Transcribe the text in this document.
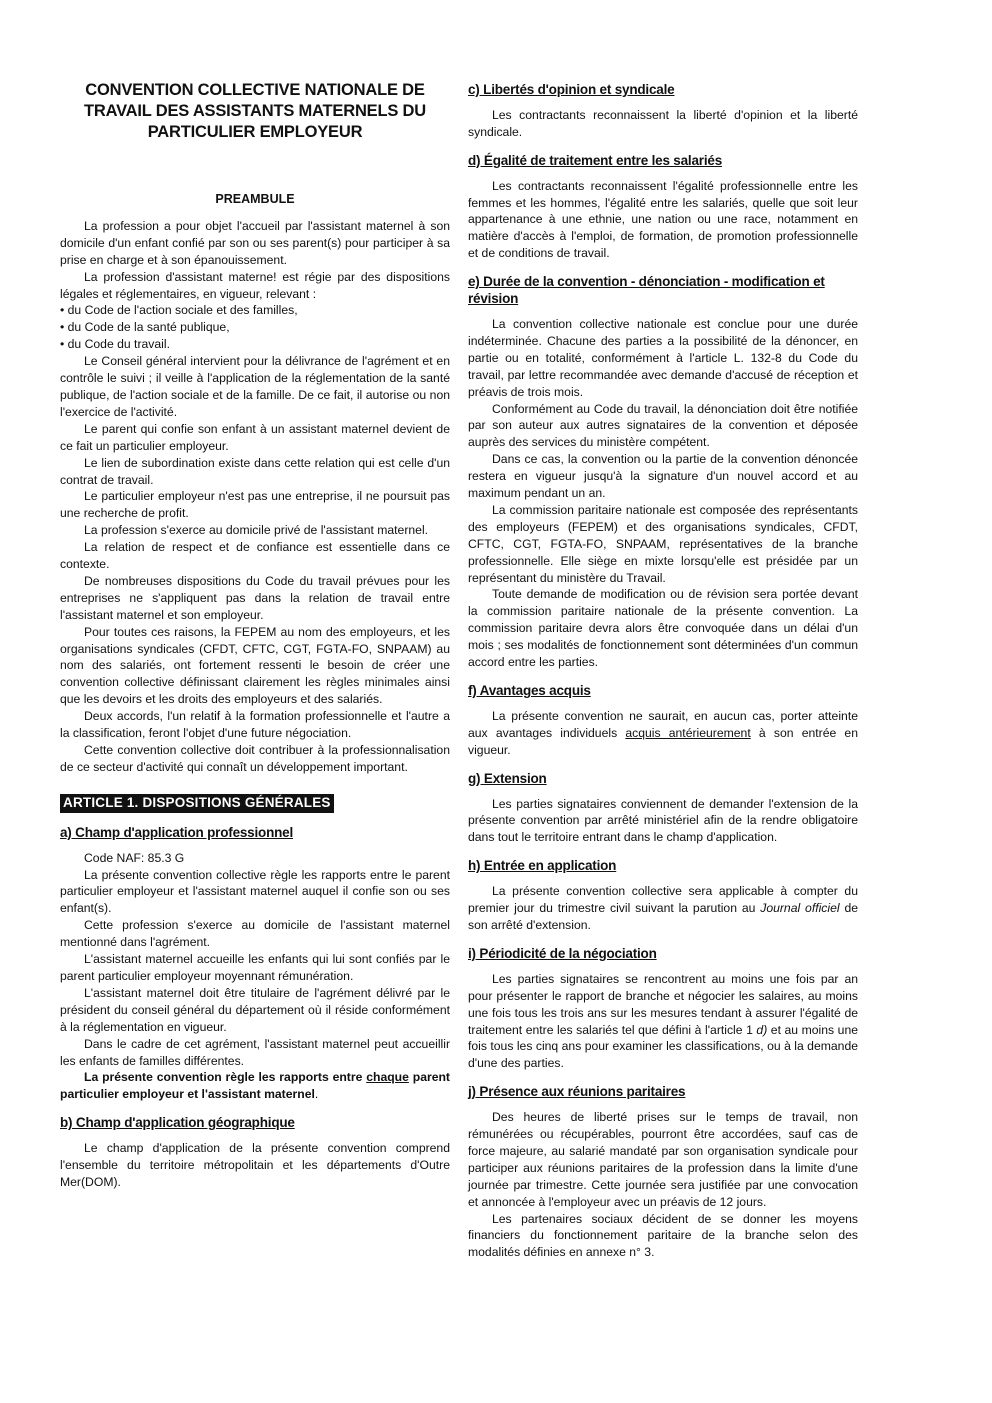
CONVENTION COLLECTIVE NATIONALE DE TRAVAIL DES ASSISTANTS MATERNELS DU PARTICULIER EMPLOYEUR
PREAMBULE

La profession a pour objet l'accueil par l'assistant maternel à son domicile d'un enfant confié par son ou ses parent(s) pour participer à sa prise en charge et à son épanouissement.

La profession d'assistant materne! est régie par des dispositions légales et réglementaires, en vigueur, relevant :

• du Code de l'action sociale et des familles,

• du Code de la santé publique,

• du Code du travail.

Le Conseil général intervient pour la délivrance de l'agrément et en contrôle le suivi ; il veille à l'application de la réglementation de la santé publique, de l'action sociale et de la famille. De ce fait, il autorise ou non l'exercice de l'activité.

Le parent qui confie son enfant à un assistant maternel devient de ce fait un particulier employeur.

Le lien de subordination existe dans cette relation qui est celle d'un contrat de travail.

Le particulier employeur n'est pas une entreprise, il ne poursuit pas une recherche de profit.

La profession s'exerce au domicile privé de l'assistant maternel.

La relation de respect et de confiance est essentielle dans ce contexte.

De nombreuses dispositions du Code du travail prévues pour les entreprises ne s'appliquent pas dans la relation de travail entre l'assistant maternel et son employeur.

Pour toutes ces raisons, la FEPEM au nom des employeurs, et les organisations syndicales (CFDT, CFTC, CGT, FGTA-FO, SNPAAM) au nom des salariés, ont fortement ressenti le besoin de créer une convention collective définissant clairement les règles minimales ainsi que les devoirs et les droits des employeurs et des salariés.

Deux accords, l'un relatif à la formation professionnelle et l'autre a la classification, feront l'objet d'une future négociation.

Cette convention collective doit contribuer à la professionnalisation de ce secteur d'activité qui connaît un développement important.

ARTICLE 1. DISPOSITIONS GÉNÉRALES
a) Champ d'application professionnel

Code NAF: 85.3 G

La présente convention collective règle les rapports entre le parent particulier employeur et l'assistant maternel auquel il confie son ou ses enfant(s).

Cette profession s'exerce au domicile de l'assistant maternel mentionné dans l'agrément.

L'assistant maternel accueille les enfants qui lui sont confiés par le parent particulier employeur moyennant rémunération.

L'assistant maternel doit être titulaire de l'agrément délivré par le président du conseil général du département où il réside conformément à la réglementation en vigueur.

Dans le cadre de cet agrément, l'assistant maternel peut accueillir les enfants de familles différentes.

La présente convention règle les rapports entre chaque parent particulier employeur et l'assistant maternel.

b) Champ d'application géographique

Le champ d'application de la présente convention comprend l'ensemble du territoire métropolitain et les départements d'Outre Mer(DOM).

c) Libertés d'opinion et syndicale

Les contractants reconnaissent la liberté d'opinion et la liberté syndicale.

d) Égalité de traitement entre les salariés

Les contractants reconnaissent l'égalité professionnelle entre les femmes et les hommes, l'égalité entre les salariés, quelle que soit leur appartenance à une ethnie, une nation ou une race, notamment en matière d'accès à l'emploi, de formation, de promotion professionnelle et de conditions de travail.

e) Durée de la convention - dénonciation - modification et révision

La convention collective nationale est conclue pour une durée indéterminée. Chacune des parties a la possibilité de la dénoncer, en partie ou en totalité, conformément à l'article L. 132-8 du Code du travail, par lettre recommandée avec demande d'accusé de réception et préavis de trois mois.

Conformément au Code du travail, la dénonciation doit être notifiée par son auteur aux autres signataires de la convention et déposée auprès des services du ministère compétent.

Dans ce cas, la convention ou la partie de la convention dénoncée restera en vigueur jusqu'à la signature d'un nouvel accord et au maximum pendant un an.

La commission paritaire nationale est composée des représentants des employeurs (FEPEM) et des organisations syndicales, CFDT, CFTC, CGT, FGTA-FO, SNPAAM, représentatives de la branche professionnelle. Elle siège en mixte lorsqu'elle est présidée par un représentant du ministère du Travail.

Toute demande de modification ou de révision sera portée devant la commission paritaire nationale de la présente convention. La commission paritaire devra alors être convoquée dans un délai d'un mois ; ses modalités de fonctionnement sont déterminées d'un commun accord entre les parties.

f) Avantages acquis

La présente convention ne saurait, en aucun cas, porter atteinte aux avantages individuels acquis antérieurement à son entrée en vigueur.

g) Extension

Les parties signataires conviennent de demander l'extension de la présente convention par arrêté ministériel afin de la rendre obligatoire dans tout le territoire entrant dans le champ d'application.

h) Entrée en application

La présente convention collective sera applicable à compter du premier jour du trimestre civil suivant la parution au Journal officiel de son arrêté d'extension.

i) Périodicité de la négociation

Les parties signataires se rencontrent au moins une fois par an pour présenter le rapport de branche et négocier les salaires, au moins une fois tous les trois ans sur les mesures tendant à assurer l'égalité de traitement entre les salariés tel que défini à l'article 1 d) et au moins une fois tous les cinq ans pour examiner les classifications, ou à la demande d'une des parties.

j) Présence aux réunions paritaires

Des heures de liberté prises sur le temps de travail, non rémunérées ou récupérables, pourront être accordées, sauf cas de force majeure, au salarié mandaté par son organisation syndicale pour participer aux réunions paritaires de la profession dans la limite d'une journée par trimestre. Cette journée sera justifiée par une convocation et annoncée à l'employeur avec un préavis de 12 jours.

Les partenaires sociaux décident de se donner les moyens financiers du fonctionnement paritaire de la branche selon des modalités définies en annexe n° 3.
